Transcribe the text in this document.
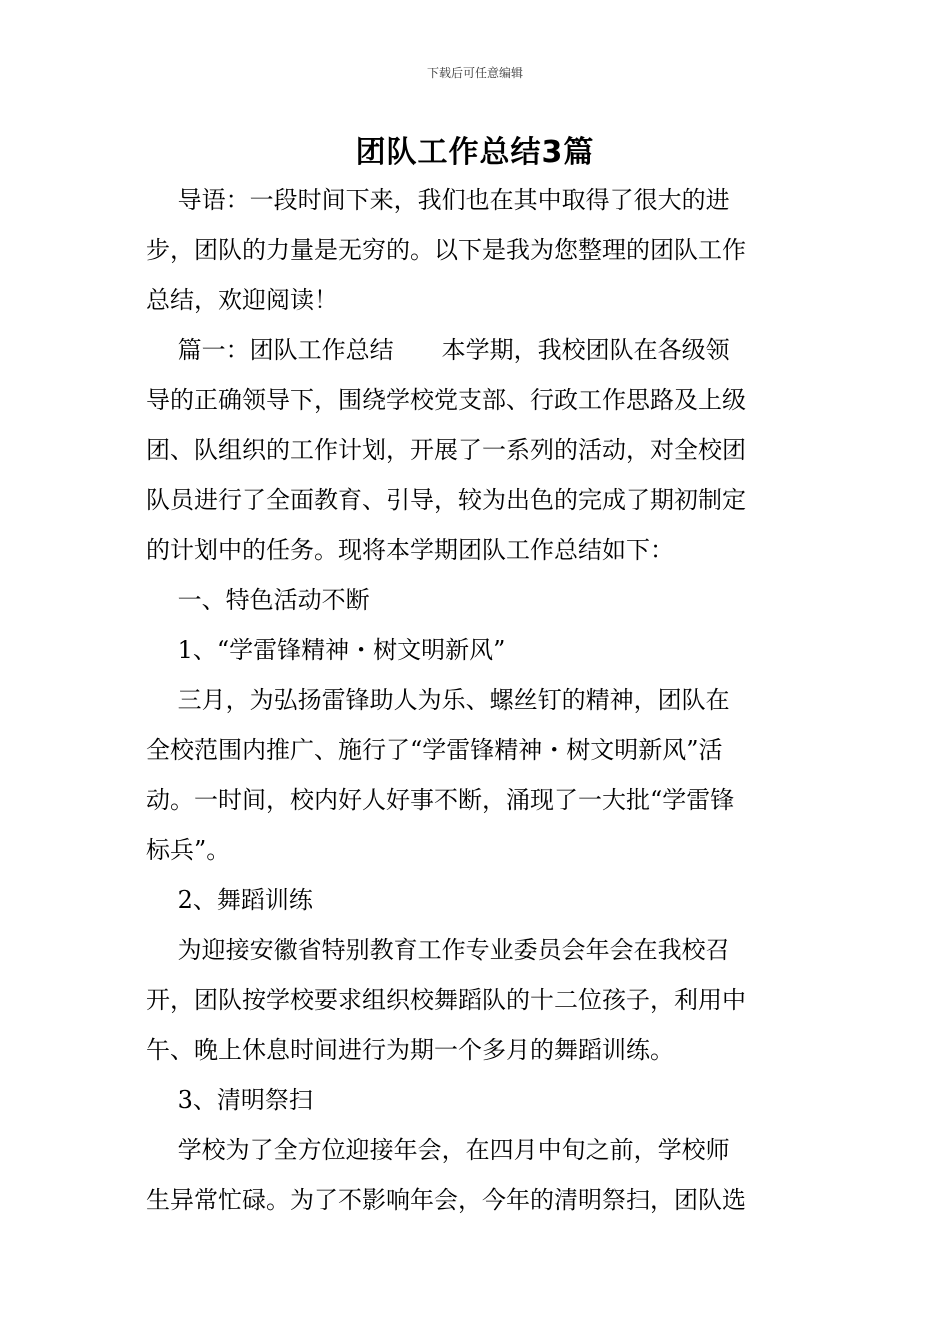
下载后可任意编辑
团队工作总结3篇
　 导语：一段时间下来，我们也在其中取得了很大的进
步，团队的力量是无穷的。以下是我为您整理的团队工作
总结，欢迎阅读！
　 篇一：团队工作总结　　本学期，我校团队在各级领
导的正确领导下，围绕学校党支部、行政工作思路及上级
团、队组织的工作计划，开展了一系列的活动，对全校团
队员进行了全面教育、引导，较为出色的完成了期初制定
的计划中的任务。现将本学期团队工作总结如下：
　 一、特色活动不断
　 1、“学雷锋精神・树文明新风”
　 三月，为弘扬雷锋助人为乐、螺丝钉的精神，团队在
全校范围内推广、施行了“学雷锋精神・树文明新风”活
动。一时间，校内好人好事不断，涌现了一大批“学雷锋
标兵”。
　 2、舞蹈训练
　 为迎接安徽省特别教育工作专业委员会年会在我校召
开，团队按学校要求组织校舞蹈队的十二位孩子，利用中
午、晚上休息时间进行为期一个多月的舞蹈训练。
　 3、清明祭扫
　 学校为了全方位迎接年会，在四月中旬之前，学校师
生异常忙碌。为了不影响年会，今年的清明祭扫，团队选
